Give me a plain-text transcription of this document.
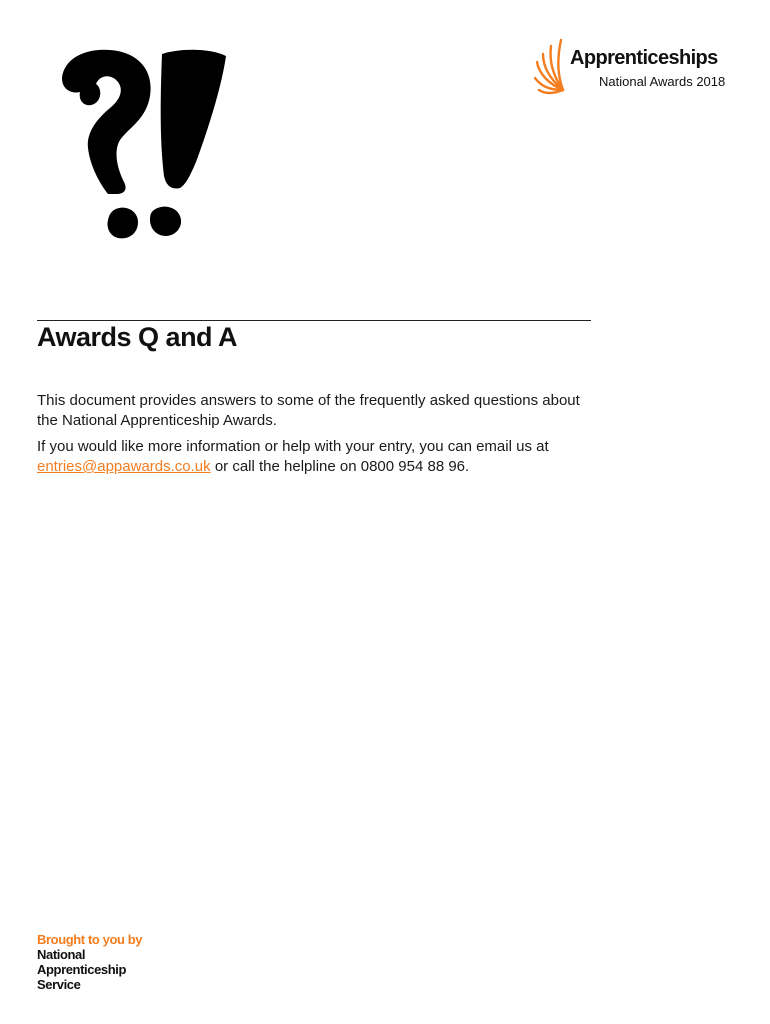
Apprenticeships
National Awards 2018
Awards Q and A

This document provides answers to some of the frequently asked questions about the National Apprenticeship Awards.

If you would like more information or help with your entry, you can email us at entries@appawards.co.uk or call the helpline on 0800 954 88 96.

Brought to you by
National
Apprenticeship
Service
